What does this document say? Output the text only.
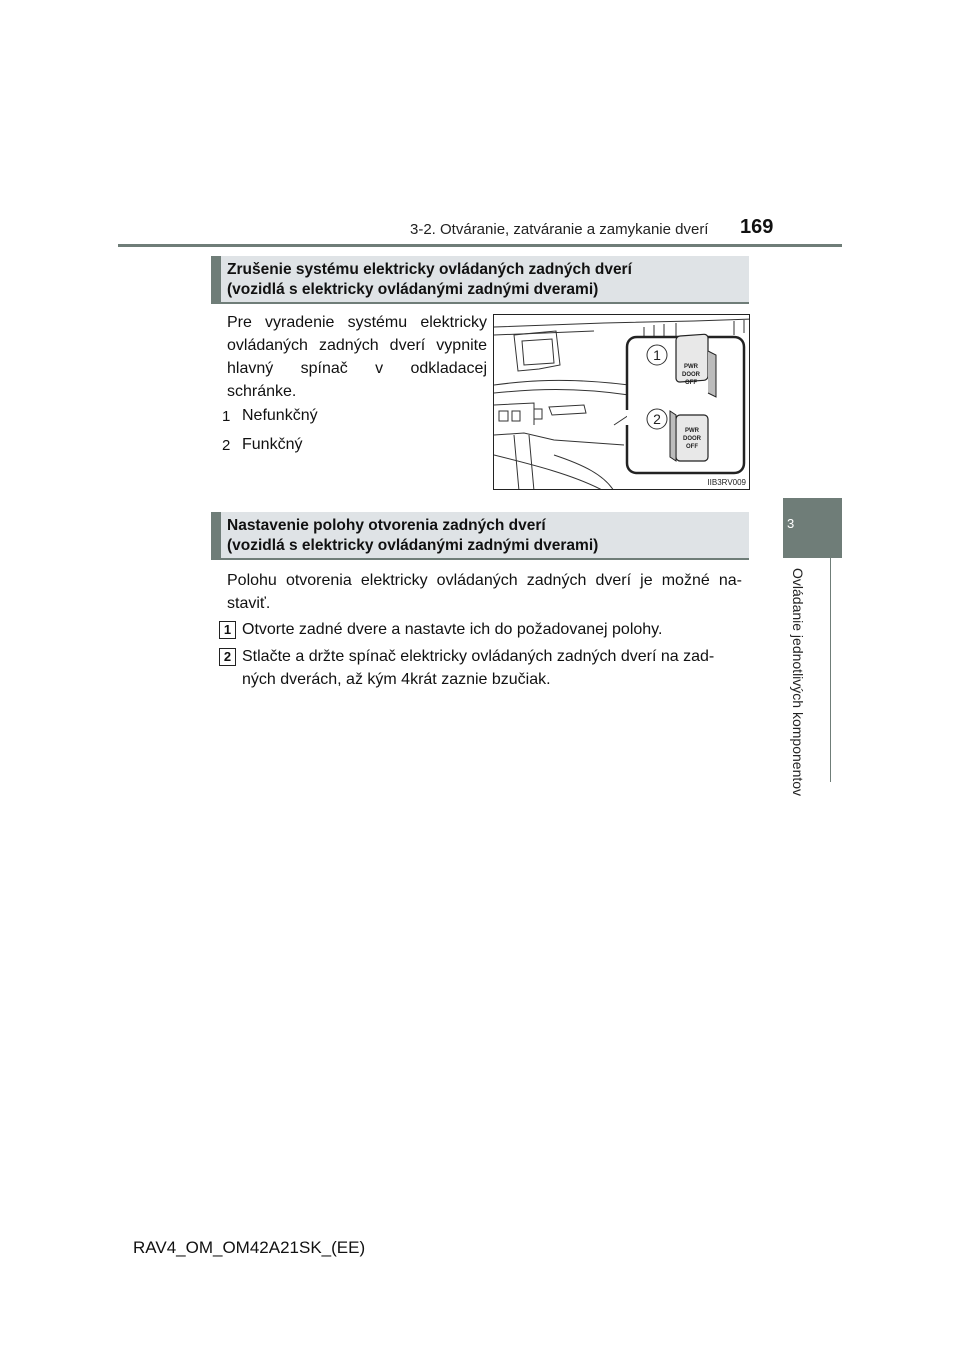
3-2. Otváranie, zatváranie a zamykanie dverí 169
3
Ovládanie jednotlivých komponentov
Zrušenie systému elektricky ovládaných zadných dverí
(vozidlá s elektricky ovládanými zadnými dverami)
Pre vyradenie systému elektricky ovládaných zadných dverí vypnite hlavný spínač v odkladacej schránke.
1 Nefunkčný
2 Funkčný
1
2
PWR
DOOR
OFF
PWR
DOOR
OFF
IIB3RV009
Nastavenie polohy otvorenia zadných dverí
(vozidlá s elektricky ovládanými zadnými dverami)
Polohu otvorenia elektricky ovládaných zadných dverí je možné na-staviť.
1 Otvorte zadné dvere a nastavte ich do požadovanej polohy.
2 Stlačte a držte spínač elektricky ovládaných zadných dverí na zad-
ných dverách, až kým 4krát zaznie bzučiak.
RAV4_OM_OM42A21SK_(EE)
